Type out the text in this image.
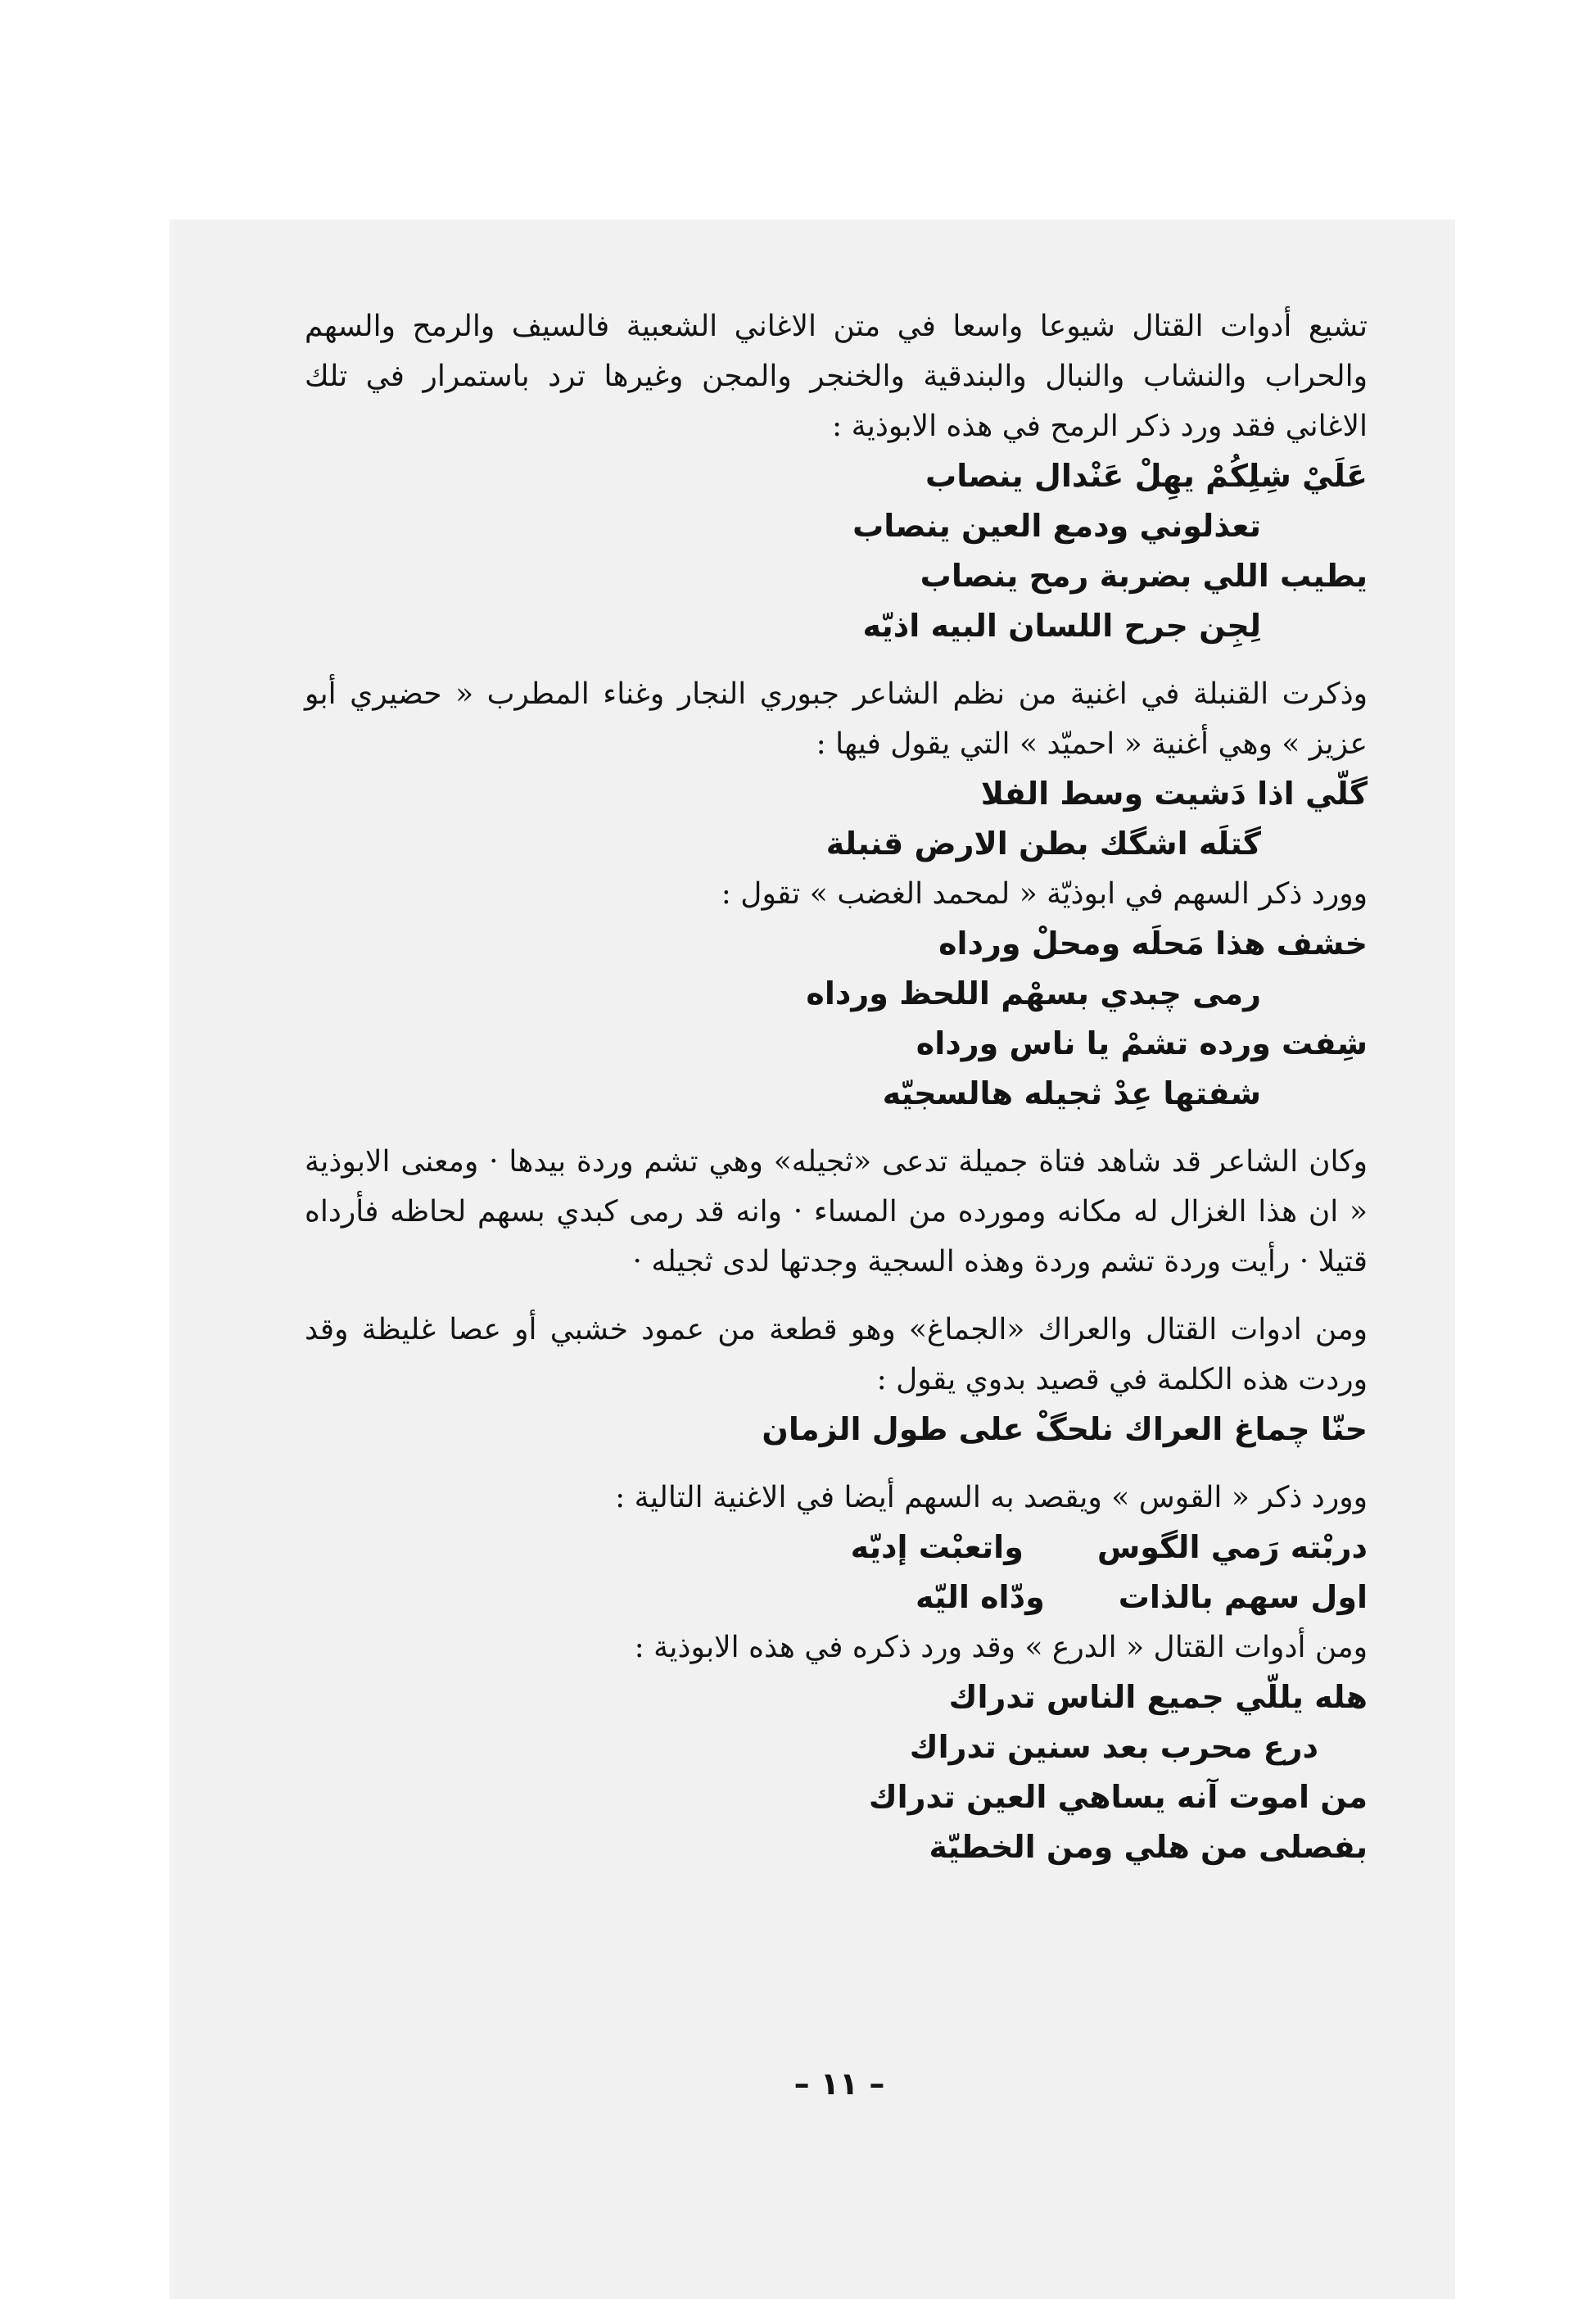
تشيع أدوات القتال شيوعا واسعا في متن الاغاني الشعبية فالسيف والرمح والسهم والحراب والنشاب والنبال والبندقية والخنجر والمجن وغيرها ترد باستمرار في تلك الاغاني فقد ورد ذكر الرمح في هذه الابوذية :

عَلَيْ شِلِكُمْ يهِلْ عَنْدال ينصاب
تعذلوني ودمع العين ينصاب
يطيب اللي بضربة رمح ينصاب
لِجِن جرح اللسان البيه اذيّه

وذكرت القنبلة في اغنية من نظم الشاعر جبوري النجار وغناء المطرب « حضيري أبو عزيز » وهي أغنية « احميّد » التي يقول فيها :

گلّي اذا دَشيت وسط الفلا
گتلَه اشگك بطن الارض قنبلة

وورد ذكر السهم في ابوذيّة « لمحمد الغضب » تقول :

خشف هذا مَحلَه ومحلْ ورداه
رمى چبدي بسهْم اللحظ ورداه
شِفت ورده تشمْ يا ناس ورداه
شفتها عِدْ ثجيله هالسجيّه

وكان الشاعر قد شاهد فتاة جميلة تدعى «ثجيله» وهي تشم وردة بيدها · ومعنى الابوذية « ان هذا الغزال له مكانه ومورده من المساء · وانه قد رمى كبدي بسهم لحاظه فأرداه قتيلا · رأيت وردة تشم وردة وهذه السجية وجدتها لدى ثجيله ·

ومن ادوات القتال والعراك «الجماغ» وهو قطعة من عمود خشبي أو عصا غليظة وقد وردت هذه الكلمة في قصيد بدوي يقول :

حنّا چماغ العراك نلحگْ على طول الزمان

وورد ذكر « القوس » ويقصد به السهم أيضا في الاغنية التالية :

دربْته رَمي الگوس
واتعبْت إديّه
اول سهم بالذات
ودّاه اليّه

ومن أدوات القتال « الدرع » وقد ورد ذكره في هذه الابوذية :

هله يللّي جميع الناس تدراك
درع محرب بعد سنين تدراك
من اموت آنه يساهي العين تدراك
بفصلى من هلي ومن الخطيّة
– ١١ –
